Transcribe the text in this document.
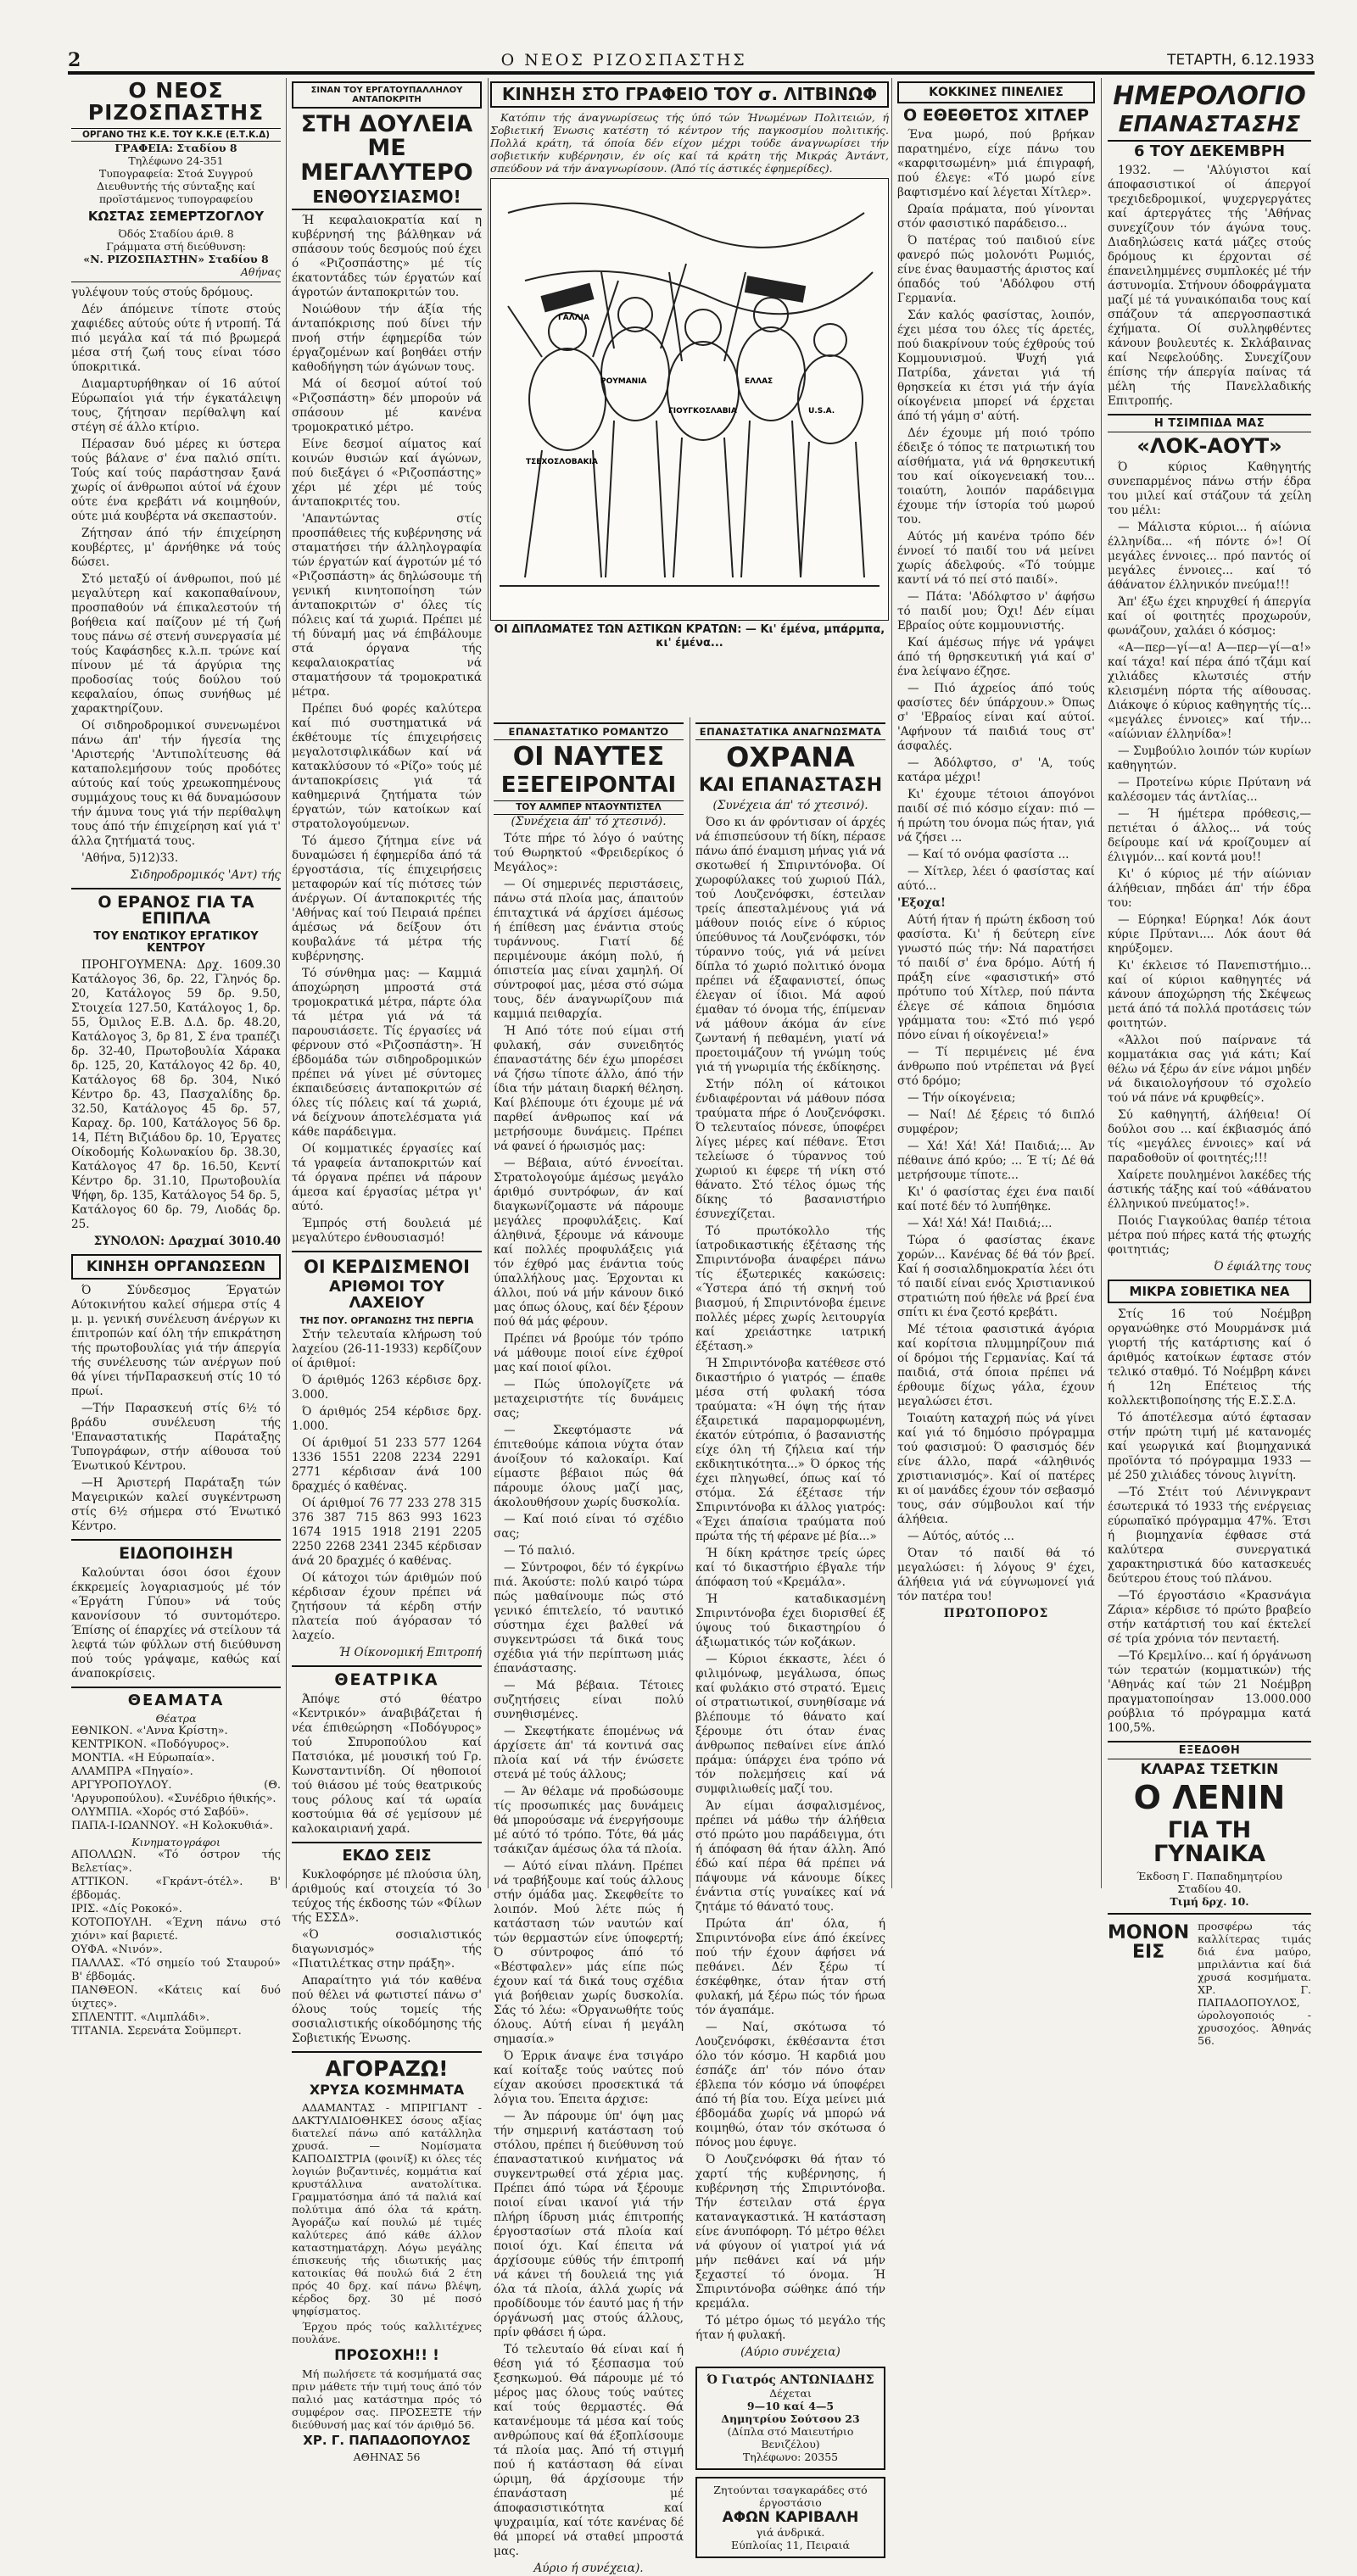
2	Ο ΝΕΟΣ ΡΙΖΟΣΠΑΣΤΗΣ	ΤΕΤΑΡΤΗ, 6.12.1933
Ο ΝΕΟΣ ΡΙΖΟΣΠΑΣΤΗΣ
ΟΡΓΑΝΟ ΤΗΣ Κ.Ε. ΤΟΥ Κ.Κ.Ε (Ε.Τ.Κ.Δ)
ΓΡΑΦΕΙΑ: Σταδίου 8
Τηλέφωνο 24-351
Τυπογραφεία: Στοά Συγγρού
Διευθυντής τής σύνταξης καί προϊστάμενος τυπογραφείου
ΚΩΣΤΑΣ ΣΕΜΕΡΤΖΟΓΛΟΥ
Όδός Σταδίου άριθ. 8
Γράμματα στή διεύθυνση:
«Ν. ΡΙΖΟΣΠΑΣΤΗΝ» Σταδίου 8
Αθήνας

γυλέψουν τούς στούς δρόμους.

Δέν άπόμεινε τίποτε στούς χαφιέδες αύτούς ούτε ή ντροπή. Τά πιό μεγάλα καί τά πιό βρωμερά μέσα στή ζωή τους είναι τόσο ύποκριτικά.

Διαμαρτυρήθηκαν οί 16 αύτοί Εύρωπαίοι γιά τήν έγκατάλειψη τους, ζήτησαν περίθαλψη καί στέγη σέ άλλο κτίριο.

Πέρασαν δυό μέρες κι ύστερα τούς βάλανε σ' ένα παλιό σπίτι. Τούς καί τούς παράστησαν ξανά χωρίς οί άνθρωποι αύτοί νά έχουν ούτε ένα κρεβάτι νά κοιμηθούν, ούτε μιά κουβέρτα νά σκεπαστούν.

Ζήτησαν άπό τήν έπιχείρηση κουβέρτες, μ' άρνήθηκε νά τούς δώσει.

Στό μεταξύ οί άνθρωποι, πού μέ μεγαλύτερη καί κακοπαθαίνουν, προσπαθούν νά έπικαλεστούν τή βοήθεια καί παίζουν μέ τή ζωή τους πάνω σέ στενή συνεργασία μέ τούς Καφάσηδες κ.λ.π. τρώνε καί πίνουν μέ τά άργύρια της προδοσίας τούς δούλου τού κεφαλαίου, όπως συνήθως μέ χαρακτηρίζουν.

Οί σιδηροδρομικοί συνενωμένοι πάνω άπ' τήν ήγεσία της 'Αριστερής 'Αντιπολίτευσης θά καταπολεμήσουν τούς προδότες αύτούς καί τούς χρεωκοπημένους συμμάχους τους κι θά δυναμώσουν τήν άμυνα τους γιά τήν περίθαλψη τους άπό τήν έπιχείρηση καί γιά τ' άλλα ζητήματά τους.

'Αθήνα, 5)12)33.

Σιδηροδρομικός 'Αντ) τής

Ο ΕΡΑΝΟΣ ΓΙΑ ΤΑ ΕΠΙΠΛΑ
ΤΟΥ ΕΝΩΤΙΚΟΥ ΕΡΓΑΤΙΚΟΥ ΚΕΝΤΡΟΥ

ΠΡΟΗΓΟΥΜΕΝΑ: Δρχ. 1609.30 Κατάλογος 36, δρ. 22, Γληνός δρ. 20, Κατάλογος 59 δρ. 9.50, Στοιχεία 127.50, Κατάλογος 1, δρ. 55, Όμιλος Ε.Β. Δ.Δ. δρ. 48.20, Κατάλογος 3, δρ 81, Σ ένα τραπέζι δρ. 32-40, Πρωτοβουλία Χάρακα δρ. 125, 20, Κατάλογος 42 δρ. 40, Κατάλογος 68 δρ. 304, Νικό Κέντρο δρ. 43, Πασχαλίδης δρ. 32.50, Κατάλογος 45 δρ. 57, Καραχ. δρ. 100, Κατάλογος 56 δρ. 14, Πέτη Βιζιάδου δρ. 10, Έργατες Οίκοδομής Κολωνακίου δρ. 38.30, Κατάλογος 47 δρ. 16.50, Κεντί Κέντρο δρ. 31.10, Πρωτοβουλία Ψήφη, δρ. 135, Κατάλογος 54 δρ. 5, Κατάλογος 60 δρ. 79, Λιοδάς δρ. 25.

ΣΥΝΟΛΟΝ: Δραχμαί 3010.40

ΚΙΝΗΣΗ ΟΡΓΑΝΩΣΕΩΝ

Ό Σύνδεσμος Έργατών Αύτοκινήτου καλεί σήμερα στίς 4 μ. μ. γενική συνέλευση άνέργων κι έπιτροπών καί όλη τήν επικράτηση τής πρωτοβουλίας γιά τήν άπεργία τής συνέλευσης τών ανέργων πού θά γίνει τήνΠαρασκευή στίς 10 τό πρωί.

—Τήν Παρασκευή στίς 6½ τό βράδυ συνέλευση τής 'Επαναστατικής Παράταξης Τυπογράφων, στήν αίθουσα τού Ένωτικού Κέντρου.

—Η Άριστερή Παράταξη τών Μαγειρικών καλεί συγκέντρωση στίς 6½ σήμερα στό Ένωτικό Κέντρο.

ΕΙΔΟΠΟΙΗΣΗ

Καλούνται όσοι όσοι έχουν έκκρεμείς λογαριασμούς μέ τόν «Έργάτη Γύπου» νά τούς κανονίσουν τό συντομότερο. Έπίσης οί έπαρχίες νά στείλουν τά λεφτά τών φύλλων στή διεύθυνση πού τούς γράψαμε, καθώς καί άναποκρίσεις.

ΘΕΑΜΑΤΑ
Θέατρα

ΕΘΝΙΚΟΝ. «'Αννα Κρίστη».

ΚΕΝΤΡΙΚΟΝ. «Ποδόγυρος».

ΜΟΝΤΙΑ. «Η Εύρωπαία».

ΑΛΑΜΠΡΑ «Πηγαίο».

ΑΡΓΥΡΟΠΟΥΛΟΥ. (Θ. 'Αργυροπούλου). «Συνέδριο ήθικής».

ΟΛΥΜΠΙΑ. «Χορός στό Σαβόϋ».

ΠΑΠΑ-Ι-ΙΩΑΝΝΟΥ. «Η Κολοκυθιά».

Κινηματογράφοι

ΑΠΟΛΛΩΝ. «Τό όστρον τής Βελετίας».

ΑΤΤΙΚΟΝ. «Γκράντ-ότέλ». Β' έβδομάς.

ΙΡΙΣ. «Δίς Ροκοκό».

ΚΟΤΟΠΟΥΛΗ. «Έχνη πάνω στό χιόνι» καί βαριετέ.

ΟΥΦΑ. «Νινόν».

ΠΑΛΛΑΣ. «Τό σημείο τού Σταυρού» Β' έβδομάς.

ΠΑΝΘΕΟΝ. «Κάτεις καί δυό ύιχτες».

ΣΠΛΕΝΤΙΤ. «Λιμπλάδι».

ΤΙΤΑΝΙΑ. Σερενάτα Σοϋμπερτ.

ΣΙΝΑΝ ΤΟΥ ΕΡΓΑΤΟΥΠΑΛΛΗΛΟΥ ΑΝΤΑΠΟΚΡΙΤΗ
ΣΤΗ ΔΟΥΛΕΙΑ ΜΕ ΜΕΓΑΛΥΤΕΡΟ
ΕΝΘΟΥΣΙΑΣΜΟ!

Ή κεφαλαιοκρατία καί η κυβέρνησή της βάλθηκαν νά σπάσουν τούς δεσμούς πού έχει ό «Ριζοσπάστης» μέ τίς έκατοντάδες τών έργατών καί άγροτών άνταποκριτών του.

Νοιώθουν τήν άξία τής άνταπόκρισης πού δίνει τήν πνοή στήν έφημερίδα τών έργαζομένων καί βοηθάει στήν καθοδήγηση τών άγώνων τους.

Μά οί δεσμοί αύτοί τού «Ριζοσπάστη» δέν μπορούν νά σπάσουν μέ κανένα τρομοκρατικό μέτρο.

Είνε δεσμοί αίματος καί κοινών θυσιών καί άγώνων, πού διεξάγει ό «Ριζοσπάστης» χέρι μέ χέρι μέ τούς άνταποκριτές του.

'Απαντώντας στίς προσπάθειες τής κυβέρνησης νά σταματήσει τήν άλληλογραφία τών έργατών καί άγροτών μέ τό «Ριζοσπάστη» άς δηλώσουμε τή γενική κινητοποίηση τών άνταποκριτών σ' όλες τίς πόλεις καί τά χωριά. Πρέπει μέ τή δύναμή μας νά έπιβάλουμε στά όργανα τής κεφαλαιοκρατίας νά σταματήσουν τά τρομοκρατικά μέτρα.

Πρέπει δυό φορές καλύτερα καί πιό συστηματικά νά έκθέτουμε τίς έπιχειρήσεις μεγαλοτσιφλικάδων καί νά κατακλύσουν τό «Ρίζο» τούς μέ άνταποκρίσεις γιά τά καθημερινά ζητήματα τών έργατών, τών κατοίκων καί στρατολογούμενων.

Τό άμεσο ζήτημα είνε νά δυναμώσει ή έφημερίδα άπό τά έργοστάσια, τίς έπιχειρήσεις μεταφορών καί τίς πιότσες τών άνέργων. Οί άνταποκριτές τής 'Αθήνας καί τού Πειραιά πρέπει άμέσως νά δείξουν ότι κουβαλάνε τά μέτρα τής κυβέρνησης.

Τό σύνθημα μας: — Καμμιά άποχώρηση μπροστά στά τρομοκρατικά μέτρα, πάρτε όλα τά μέτρα γιά νά τά παρουσιάσετε. Τίς έργασίες νά φέρνουν στό «Ριζοσπάστη». Ή έβδομάδα τών σιδηροδρομικών πρέπει νά γίνει μέ σύντομες έκπαιδεύσεις άνταποκριτών σέ όλες τίς πόλεις καί τά χωριά, νά δείχνουν άποτελέσματα γιά κάθε παράδειγμα.

Οί κομματικές έργασίες καί τά γραφεία άνταποκριτών καί τά όργανα πρέπει νά πάρουν άμεσα καί έργασίας μέτρα γι' αύτό.

Έμπρός στή δουλειά μέ μεγαλύτερο ένθουσιασμό!

ΟΙ ΚΕΡΔΙΣΜΕΝΟΙ
ΑΡΙΘΜΟΙ ΤΟΥ ΛΑΧΕΙΟΥ
ΤΗΣ ΠΟΥ. ΟΡΓΑΝΩΣΗΣ ΤΗΣ ΠΕΡΓΙΑ

Στήν τελευταία κλήρωση τού λαχείου (26-11-1933) κερδίζουν οί άριθμοί:

Ό άριθμός 1263 κέρδισε δρχ. 3.000.

Ό άριθμός 254 κέρδισε δρχ. 1.000.

Οί άριθμοί 51 233 577 1264 1336 1551 2208 2234 2291 2771 κέρδισαν άνά 100 δραχμές ό καθένας.

Οί άριθμοί 76 77 233 278 315 376 387 715 863 993 1623 1674 1915 1918 2191 2205 2250 2268 2341 2345 κέρδισαν άνά 20 δραχμές ό καθένας.

Οί κάτοχοι τών άριθμών πού κέρδισαν έχουν πρέπει νά ζητήσουν τά κέρδη στήν πλατεία πού άγόρασαν τό λαχείο.

Ή Οίκονομική Επιτροπή

ΘΕΑΤΡΙΚΑ

Άπόψε στό θέατρο «Κεντρικόν» άναβιβάζεται ή νέα έπιθεώρηση «Ποδόγυρος» τού Σπυροπούλου καί Πατσιόκα, μέ μουσική τού Γρ. Κωνσταντινίδη. Οί ηθοποιοί τού θιάσου μέ τούς θεατρικούς τους ρόλους καί τά ωραία κοστούμια θά σέ γεμίσουν μέ καλοκαιριανή χαρά.

ΕΚΔΟ ΣΕΙΣ

Κυκλοφόρησε μέ πλούσια ύλη, άριθμούς καί στοιχεία τό 3ο τεύχος τής έκδοσης τών «Φίλων τής ΕΣΣΔ».

«Ό σοσιαλιστικός διαγωνισμός» τής «Πιατιλέτκας στην πράξη».

Απαραίτητο γιά τόν καθένα πού θέλει νά φωτιστεί πάνω σ' όλους τούς τομείς τής σοσιαλιστικής οίκοδόμησης τής Σοβιετικής Ένωσης.

ΑΓΟΡΑΖΩ!
ΧΡΥΣΑ ΚΟΣΜΗΜΑΤΑ

ΑΔΑΜΑΝΤΑΣ - ΜΠΡΙΓΙΑΝΤ - ΔΑΚΤΥΛΙΔΙΟΘΗΚΕΣ όσους αξίας διατελεί πάνω από κατάλληλα χρυσά. — Νομίσματα ΚΑΠΟΔΙΣΤΡΙΑ (φοινίξ) κι όλες τές λογιών βυζαντινές, κομμάτια καί κρυστάλλινα ανατολίτικα. Γραμματόσημα άπό τά παλιά καί πολύτιμα άπό όλα τά κράτη. Άγοράζω καί πουλώ μέ τιμές καλύτερες άπό κάθε άλλον καταστηματάρχη. Λόγω μεγάλης έπισκευής τής ιδιωτικής μας κατοικίας θά πουλώ διά 2 έτη πρός 40 δρχ. καί πάνω βλέψη, κέρδος δρχ. 30 μέ ποσό ψηφίσματος.

Έρχου πρός τούς καλλιτέχνες πουλάνε.

ΠΡΟΣΟΧΗ!! !

Μή πωλήσετε τά κοσμήματά σας πριν μάθετε τήν τιμή τους άπό τόν παλιό μας κατάστημα πρός τό συμφέρον σας. ΠΡΟΣΕΞΤΕ τήν διεύθυνσή μας καί τόν άριθμό 56.

ΧΡ. Γ. ΠΑΠΑΔΟΠΟΥΛΟΣ
ΑΘΗΝΑΣ 56
ΚΙΝΗΣΗ ΣΤΟ ΓΡΑΦΕΙΟ ΤΟΥ σ. ΛΙΤΒΙΝΩΦ

Κατόπιν τής άναγνωρίσεως τής ύπό τών Ήνωμένων Πολιτειών, ή Σοβιετική Ένωσις κατέστη τό κέντρον τής παγκοσμίου πολιτικής. Πολλά κράτη, τά όποία δέν είχον μέχρι τούδε άναγνωρίσει τήν σοβιετικήν κυβέρνησιν, έν οίς καί τά κράτη τής Μικράς Άντάντ, σπεύδουν νά τήν άναγνωρίσουν. (Άπό τίς άστικές έφημερίδες).

ΟΙ ΔΙΠΛΩΜΑΤΕΣ ΤΩΝ ΑΣΤΙΚΩΝ ΚΡΑΤΩΝ: — Κι' έμένα, μπάρμπα, κι' έμένα...
ΤΣΕΧΟΣΛΟΒΑΚΙΑ
ΡΟΥΜΑΝΙΑ
ΓΙΟΥΓΚΟΣΛΑΒΙΑ
ΕΛΛΑΣ
U.S.A.
ΓΑΛΛΙΑ
ΕΠΑΝΑΣΤΑΤΙΚΟ ΡΟΜΑΝΤΖΟ
ΟΙ ΝΑΥΤΕΣ
ΕΞΕΓΕΙΡΟΝΤΑΙ
ΤΟΥ ΑΛΜΠΕΡ ΝΤΑΟΥΝΤΙΣΤΕΛ

(Συνέχεια άπ' τό χτεσινό).

Τότε πήρε τό λόγο ό ναύτης τού Θωρηκτού «Φρειδερίκος ό Μεγάλος»:

— Οί σημερινές περιστάσεις, πάνω στά πλοία μας, άπαιτούν έπιταχτικά νά άρχίσει άμέσως ή έπίθεση μας ένάντια στούς τυράννους. Γιατί δέ περιμένουμε άκόμη πολύ, ή όπιστεία μας είναι χαμηλή. Οί σύντροφοί μας, μέσα στό σώμα τους, δέν άναγνωρίζουν πιά καμμιά πειθαρχία.

Ή Από τότε πού είμαι στή φυλακή, σάν συνειδητός έπαναστάτης δέν έχω μπορέσει νά ζήσω τίποτε άλλο, άπό τήν ίδια τήν μάταιη διαρκή θέληση. Καί βλέπουμε ότι έχουμε μέ νά παρθεί άνθρωπος καί νά μετρήσουμε δυνάμεις. Πρέπει νά φανεί ό ήρωισμός μας:

— Βέβαια, αύτό έννοείται. Στρατολογούμε άμέσως μεγάλο άριθμό συντρόφων, άν καί διαγκωνίζομαστε νά πάρουμε μεγάλες προφυλάξεις. Καί άληθινά, ξέρουμε νά κάνουμε καί πολλές προφυλάξεις γιά τόν έχθρό μας ένάντια τούς ύπαλλήλους μας. Έρχονται κι άλλοι, πού νά μήν κάνουν δικό μας όπως όλους, καί δέν ξέρουν πού θά μάς φέρουν.

Πρέπει νά βρούμε τόν τρόπο νά μάθουμε ποιοί είνε έχθροί μας καί ποιοί φίλοι.

— Πώς ύπολογίζετε νά μεταχειριστήτε τίς δυνάμεις σας;

— Σκεφτόμαστε νά έπιτεθούμε κάποια νύχτα όταν άνοίξουν τό καλοκαίρι. Καί είμαστε βέβαιοι πώς θά πάρουμε όλους μαζί μας, άκολουθήσουν χωρίς δυσκολία.

— Καί ποιό είναι τό σχέδιο σας;

— Τό παλιό.

— Σύντροφοι, δέν τό έγκρίνω πιά. Άκούστε: πολύ καιρό τώρα πώς μαθαίνουμε πώς στό γενικό έπιτελείο, τό ναυτικό σύστημα έχει βαλθεί νά συγκεντρώσει τά δικά τους σχέδια γιά τήν περίπτωση μιάς έπανάστασης.

— Μά βέβαια. Τέτοιες συζητήσεις είναι πολύ συνηθισμένες.

— Σκεφτήκατε έπομένως νά άρχίσετε άπ' τά κοντινά σας πλοία καί νά τήν ένώσετε στενά μέ τούς άλλους;

— Άν θέλαμε νά προδώσουμε τίς προσωπικές μας δυνάμεις θά μπορούσαμε νά ένεργήσουμε μέ αύτό τό τρόπο. Τότε, θά μάς τσάκιζαν άμέσως όλα τά πλοία.

— Αύτό είναι πλάνη. Πρέπει νά τραβήξουμε καί τούς άλλους στήν όμάδα μας. Σκεφθείτε το λοιπόν. Μού λέτε πώς ή κατάσταση τών ναυτών καί τών θερμαστών είνε ύποφερτή; Ό σύντροφος άπό τό «Βέστφαλεν» μάς είπε πώς έχουν καί τά δικά τους σχέδια γιά βοήθειαν χωρίς δυσκολία. Σάς τό λέω: «Όργανωθήτε τούς όλους. Αύτή είναι ή μεγάλη σημασία.»

Ό Έρρικ άναψε ένα τσιγάρο καί κοίταξε τούς ναύτες πού είχαν ακούσει προσεκτικά τά λόγια του. Έπειτα άρχισε:

— Άν πάρουμε ύπ' όψη μας τήν σημερινή κατάσταση τού στόλου, πρέπει ή διεύθυνση τού έπαναστατικού κινήματος νά συγκεντρωθεί στά χέρια μας. Πρέπει άπό τώρα νά ξέρουμε ποιοί είναι ικανοί γιά τήν πλήρη ίδρυση μιάς έπιτροπής έργοστασίων στά πλοία καί ποιοί όχι. Καί έπειτα νά άρχίσουμε εύθύς τήν έπιτροπή νά κάνει τή δουλειά της γιά όλα τά πλοία, άλλά χωρίς νά προδίδουμε τόν έαυτό μας ή τήν όργάνωσή μας στούς άλλους, πρίν φθάσει ή ώρα.

Τό τελευταίο θά είναι καί ή θέση γιά τό ξέσπασμα τού ξεσηκωμού. Θά πάρουμε μέ τό μέρος μας όλους τούς ναύτες καί τούς θερμαστές. Θά κατανέμουμε τά μέσα καί τούς ανθρώπους καί θά έξοπλίσουμε τά πλοία μας. Άπό τή στιγμή πού ή κατάσταση θά είναι ώριμη, θά άρχίσουμε τήν έπανάσταση μέ άποφασιστικότητα καί ψυχραιμία, καί τότε κανένας δέ θά μπορεί νά σταθεί μπροστά μας.

Αύριο ή συνέχεια).

ΕΠΑΝΑΣΤΑΤΙΚΑ ΑΝΑΓΝΩΣΜΑΤΑ
ΟΧΡΑΝΑ
ΚΑΙ ΕΠΑΝΑΣΤΑΣΗ

(Συνέχεια άπ' τό χτεσινό).

Όσο κι άν φρόντισαν οί άρχές νά έπισπεύσουν τή δίκη, πέρασε πάνω άπό έναμιση μήνας γιά νά σκοτωθεί ή Σπιριντόνοβα. Οί χωροφύλακες τού χωριού Πάλ, τού Λουζενόφσκι, έστειλαν τρείς άπεσταλμένους γιά νά μάθουν ποιός είνε ό κύριος ύπεύθυνος τά Λουζενόφσκι, τόν τύραννο τούς, γιά νά μείνει δίπλα τό χωριό πολιτικό όνομα πρέπει νά έξαφανιστεί, όπως έλεγαν οί ίδιοι. Μά αφού έμαθαν τό όνομα τής, έπίμεναν νά μάθουν άκόμα άν είνε ζωντανή ή πεθαμένη, γιατί νά προετοιμάζουν τή γνώμη τούς γιά τή γνωριμία τής έκδίκησης.

Στήν πόλη οί κάτοικοι ένδιαφέρονται νά μάθουν πόσα τραύματα πήρε ό Λουζενόφσκι. Ό τελευταίος πόνεσε, ύποφέρει λίγες μέρες καί πέθανε. Έτσι τελείωσε ό τύραννος τού χωριού κι έφερε τή νίκη στό θάνατο. Στό τέλος όμως τής δίκης τό βασανιστήριο έσυνεχίζεται.

Τό πρωτόκολλο τής ίατροδικαστικής έξέτασης τής Σπιριντόνοβα άναφέρει πάνω τίς έξωτερικές κακώσεις: «Ύστερα άπό τή σκηνή τού βιασμού, ή Σπιριντόνοβα έμεινε πολλές μέρες χωρίς λειτουργία καί χρειάστηκε ιατρική έξέταση.»

Ή Σπιριντόνοβα κατέθεσε στό δικαστήριο ό γιατρός — έπαθε μέσα στή φυλακή τόσα τραύματα: «Ή όψη τής ήταν έξαιρετικά παραμορφωμένη, έκατόν εύτρόπια, ό βασανιστής είχε όλη τή ζήλεια καί τήν εκδικητικότητα...» Ό όρκος τής έχει πληγωθεί, όπως καί τό στόμα. Σά έξέτασε τήν Σπιριντόνοβα κι άλλος γιατρός: «Έχει άπαίσια τραύματα πού πρώτα τής τή φέρανε μέ βία...»

Ή δίκη κράτησε τρείς ώρες καί τό δικαστήριο έβγαλε τήν άπόφαση τού «Κρεμάλα».

Ή καταδικασμένη Σπιριντόνοβα έχει διορισθεί έξ ύψους τού δικαστηρίου ό άξιωματικός τών κοζάκων.

— Κύριοι έκκαστε, λέει ό φιλιμόνωφ, μεγάλωσα, όπως καί φυλάκιο στό στρατό. Έμεις οί στρατιωτικοί, συνηθίσαμε νά βλέπουμε τό θάνατο καί ξέρουμε ότι όταν ένας άνθρωπος πεθαίνει είνε άπλό πράμα: ύπάρχει ένα τρόπο νά τόν πολεμήσεις καί νά συμφιλιωθείς μαζί του.

Άν είμαι άσφαλισμένος, πρέπει νά μάθω τήν άλήθεια στό πρώτο μου παράδειγμα, ότι ή άπόφαση θά ήταν άλλη. Άπό έδώ καί πέρα θά πρέπει νά πάψουμε νά κάνουμε δίκες ένάντια στίς γυναίκες καί νά ζητάμε τό θάνατό τους.

Πρώτα άπ' όλα, ή Σπιριντόνοβα είνε άπό έκείνες πού τήν έχουν άφήσει νά πεθάνει. Δέν ξέρω τί έσκέφθηκε, όταν ήταν στή φυλακή, μά ξέρω πώς τόν ήρωα τόν άγαπάμε.

— Ναί, σκότωσα τό Λουζενόφσκι, έκθέσαντα έτσι όλο τόν κόσμο. Ή καρδιά μου έσπάζε άπ' τόν πόνο όταν έβλεπα τόν κόσμο νά ύποφέρει άπό τή βία του. Είχα μείνει μιά έβδομάδα χωρίς νά μπορώ νά κοιμηθώ, όταν τόν σκότωσα ό πόνος μου έφυγε.

Ό Λουζενόφσκι θά ήταν τό χαρτί τής κυβέρνησης, ή κυβέρνηση τής Σπιριντόνοβα. Τήν έστειλαν στά έργα καταναγκαστικά. Ή κατάσταση είνε άνυπόφορη. Τό μέτρο θέλει νά φύγουν οί γιατροί γιά νά μήν πεθάνει καί νά μήν ξεχαστεί τό όνομα. Ή Σπιριντόνοβα σώθηκε άπό τήν κρεμάλα.

Τό μέτρο όμως τό μεγάλο τής ήταν ή φυλακή.

(Αύριο συνέχεια)

Ό Γιατρός ΑΝΤΩΝΙΑΔΗΣ
Δέχεται
9—10 καί 4—5
Δημητρίου Σούτσου 23
(Δίπλα στό Μαιευτήριο Βενιζέλου)
Τηλέφωνο: 20355
Ζητούνται τσαγκαράδες στό έργοστάσιο
ΑΦΩΝ ΚΑΡΙΒΑΛΗ
γιά άνδρικά.
Εύπλοίας 11, Πειραιά
ΚΟΚΚΙΝΕΣ ΠΙΝΕΛΙΕΣ
Ο ΕΘΕΘΕΤΟΣ ΧΙΤΛΕΡ

Ένα μωρό, πού βρήκαν παρατημένο, είχε πάνω του «καρφιτσωμένη» μιά έπιγραφή, πού έλεγε: «Τό μωρό είνε βαφτισμένο καί λέγεται Χίτλερ».

Ωραία πράματα, πού γίνονται στόν φασιστικό παράδεισο...

Ό πατέρας τού παιδιού είνε φανερό πώς μολονότι Ρωμιός, είνε ένας θαυμαστής άριστος καί όπαδός τού 'Αδόλφου στή Γερμανία.

Σάν καλός φασίστας, λοιπόν, έχει μέσα του όλες τίς άρετές, πού διακρίνουν τούς έχθρούς τού Κομμουνισμού. Ψυχή γιά Πατρίδα, χάνεται γιά τή θρησκεία κι έτσι γιά τήν άγία οίκογένεια μπορεί νά έρχεται άπό τή γάμη σ' αύτή.

Δέν έχουμε μή ποιό τρόπο έδειξε ό τόπος τε πατριωτική του αίσθήματα, γιά νά θρησκευτική του καί οίκογενειακή του... τοιαύτη, λοιπόν παράδειγμα έχουμε τήν ίστορία τού μωρού του.

Αύτός μή κανένα τρόπο δέν έννοεί τό παιδί του νά μείνει χωρίς άδελφούς. «Τό τούμμε καντί νά τό πεί στό παιδί».

— Πάτα: 'Αδόλφτσο ν' άφήσω τό παιδί μου; Όχι! Δέν είμαι Εβραίος ούτε κομμουνιστής.

Καί άμέσως πήγε νά γράψει άπό τή θρησκευτική γιά καί σ' ένα λείψανο έζησε.

— Πιό άχρείος άπό τούς φασίστες δέν ύπάρχουν.» Όπως σ' 'Εβραίος είναι καί αύτοί. 'Αφήνουν τά παιδιά τους στ' άσφαλές.

— Άδόλφτσο, σ' 'Α, τούς κατάρα μέχρι!

Κι' έχουμε τέτοιοι άπογόνοι παιδί σέ πιό κόσμο είχαν: πιό — ή πρώτη του όνομα πώς ήταν, γιά νά ζήσει ...

— Καί τό ονόμα φασίστα ...

— Χίτλερ, λέει ό φασίστας καί αύτό...

'Εξοχα!

Αύτή ήταν ή πρώτη έκδοση τού φασίστα. Κι' ή δεύτερη είνε γνωστό πώς τήν: Νά παρατήσει τό παιδί σ' ένα δρόμο. Αύτή ή πράξη είνε «φασιστική» στό πρότυπο τού Χίτλερ, πού πάντα έλεγε σέ κάποια δημόσια γράμματα του: «Στό πιό γερό πόνο είναι ή οίκογένεια!»

— Τί περιμένεις μέ ένα άνθρωπο πού ντρέπεται νά βγεί στό δρόμο;

— Τήν οίκογένεια;

— Ναί! Δέ ξέρεις τό διπλό συμφέρον;

— Χά! Χά! Χά! Παιδιά;... Άν πέθαινε άπό κρύο; ... Έ τί; Δέ θά μετρήσουμε τίποτε...

Κι' ό φασίστας έχει ένα παιδί καί ποτέ δέν τό λυπήθηκε.

— Χά! Χά! Χά! Παιδιά;...

Τώρα ό φασίστας έκανε χορών... Κανένας δέ θά τόν βρεί. Καί ή σοσιαλδημοκρατία λέει ότι τό παιδί είναι ενός Χριστιανικού στρατιώτη πού ήθελε νά βρεί ένα σπίτι κι ένα ζεστό κρεβάτι.

Μέ τέτοια φασιστικά άγόρια καί κορίτσια πλυμμηρίζουν πιά οί δρόμοι τής Γερμανίας. Καί τά παιδιά, στά όποια πρέπει νά έρθουμε δίχως γάλα, έχουν μεγαλώσει έτσι.

Τοιαύτη καταχρή πώς νά γίνει καί γιά τό δημόσιο πρόγραμμα τού φασισμού: Ό φασισμός δέν είνε άλλο, παρά «άληθινός χριστιανισμός». Καί οί πατέρες κι οί μανάδες έχουν τόν σεβασμό τους, σάν σύμβουλοι καί τήν άλήθεια.

— Αύτός, αύτός ...

Όταν τό παιδί θά τό μεγαλώσει: ή λόγους 9' έχει, άλήθεια γιά νά εύγνωμονεί γιά τόν πατέρα του!

ΠΡΩΤΟΠΟΡΟΣ

ΗΜΕΡΟΛΟΓΙΟ
ΕΠΑΝΑΣΤΑΣΗΣ
6 ΤΟΥ ΔΕΚΕΜΒΡΗ

1932. — 'Αλύγιστοι καί άποφασιστικοί οί άπεργοί τρεχιδεδρομικοί, ψυχεργεργάτες καί άρτεργάτες τής 'Αθήνας συνεχίζουν τόν άγώνα τους. Διαδηλώσεις κατά μάζες στούς δρόμους κι έρχονται σέ έπανειλημμένες συμπλοκές μέ τήν άστυνομία. Στήνουν όδοφράγματα μαζί μέ τά γυναικόπαιδα τους καί σπάζουν τά απεργοσπαστικά έχήματα. Οί συλληφθέντες κάνουν βουλευτές κ. Σκλάβαινας καί Νεφελούδης. Συνεχίζουν έπίσης τήν άπεργία παίνας τά μέλη τής Πανελλαδικής Επιτροπής.

Η ΤΣΙΜΠΙΔΑ ΜΑΣ
«ΛΟΚ-ΑΟΥΤ»

Ό κύριος Καθηγητής συνεπαρμένος πάνω στήν έδρα του μιλεί καί στάζουν τά χείλη του μέλι:

— Μάλιστα κύριοι... ή αίώνια έλληνίδα... «ή πόντε ό»! Οί μεγάλες έννοιες... πρό παντός οί μεγάλες έννοιες... καί τό άθάνατον έλληνικόν πνεύμα!!!

Άπ' έξω έχει κηρυχθεί ή άπεργία καί οί φοιτητές προχωρούν, φωνάζουν, χαλάει ό κόσμος:

«Α—περ—γί—α! Α—περ—γί—α!» καί τάχα! καί πέρα άπό τζάμι καί χιλιάδες κλωτσιές στήν κλεισμένη πόρτα τής αίθουσας. Διάκοψε ό κύριος καθηγητής τίς... «μεγάλες έννοιες» καί τήν... «αίώνιαν έλληνίδα»!

— Συμβούλιο λοιπόν τών κυρίων καθηγητών.

— Προτείνω κύριε Πρύτανη νά καλέσομεν τάς άντλίας...

— Ή ήμέτερα πρόθεσις,— πετιέται ό άλλος... νά τούς δείρουμε καί νά κροίζουμεν αί έλιγμόν... καί κοντά μου!!

Κι' ό κύριος μέ τήν αίώνιαν άλήθειαν, πηδάει άπ' τήν έδρα του:

— Εύρηκα! Εύρηκα! Λόκ άουτ κύριε Πρύτανι.... Λόκ άουτ θά κηρύξομεν.

Κι' έκλεισε τό Πανεπιστήμιο... καί οί κύριοι καθηγητές νά κάνουν άποχώρηση τής Σκέψεως μετά άπό τά πολλά προτάσεις τών φοιτητών.

«Άλλοι πού παίρνανε τά κομματάκια σας γιά κάτι; Καί θέλω νά ξέρω άν είνε νάμοι μηδέν νά δικαιολογήσουν τό σχολείο τού νά πάνε νά κρυφθείς».

Σύ καθηγητή, άλήθεια! Οί δούλοι σου ... καί έκβιασμός άπό τίς «μεγάλες έννοιες» καί νά παραδοθοϋν οί φοιτητές;!!!

Χαίρετε πουλημένοι λακέδες τής άστικής τάξης καί τού «άθάνατου έλληνικού πνεύματος!».

Ποιός Γιαγκούλας θαπέρ τέτοια μέτρα πού πήρες κατά τής φτωχής φοιτητιάς;

Ό έφιάλτης τους

ΜΙΚΡΑ ΣΟΒΙΕΤΙΚΑ ΝΕΑ

Στίς 16 τού Νοέμβρη οργανώθηκε στό Μουρμάνσκ μιά γιορτή τής κατάρτισης καί ό άριθμός κατοίκων έφτασε στόν τελικό σταθμό. Τό Νοέμβρη κάνει ή 12η Επέτειος τής κολλεκτιβοποίησης τής Ε.Σ.Σ.Δ.

Τό άποτέλεσμα αύτό έφτασαν στήν πρώτη τιμή μέ κατανομές καί γεωργικά καί βιομηχανικά προϊόντα τό πρόγραμμα 1933 — μέ 250 χιλιάδες τόνους λιγνίτη.

—Τό Στέιτ τού Λένινγκραντ έσωτερικά τό 1933 τής ενέργειας εύρωπαϊκό πρόγραμμα 47%. Έτσι ή βιομηχανία έφθασε στά καλύτερα συνεργατικά χαρακτηριστικά δύο κατασκευές δεύτερου έτους τού πλάνου.

—Τό έργοστάσιο «Κρασνάγια Ζάρια» κέρδισε τό πρώτο βραβείο στήν κατάρτισή του καί έκτελεί σέ τρία χρόνια τόν πενταετή.

—Τό Κρεμλίνο... καί ή όργάνωση τών τερατών (κομματικών) τής 'Αθηνάς καί τών 21 Νοέμβρη πραγματοποίησαν 13.000.000 ρούβλια τό πρόγραμμα κατά 100,5%.

ΕΞΕΔΟΘΗ
ΚΛΑΡΑΣ ΤΣΕΤΚΙΝ
Ο ΛΕΝΙΝ
ΓΙΑ ΤΗ ΓΥΝΑΙΚΑ
Έκδοση Γ. Παπαδημητρίου
Σταδίου 40.
Τιμή δρχ. 10.
ΜΟΝΟΝ ΕΙΣ

προσφέρω τάς καλλίτερας τιμάς διά ένα μαύρο, μπριλάντια καί διά χρυσά κοσμήματα. ΧΡ. Γ. ΠΑΠΑΔΟΠΟΥΛΟΣ, ώρολογοποιός - χρυσοχόος. Άθηνάς 56.
